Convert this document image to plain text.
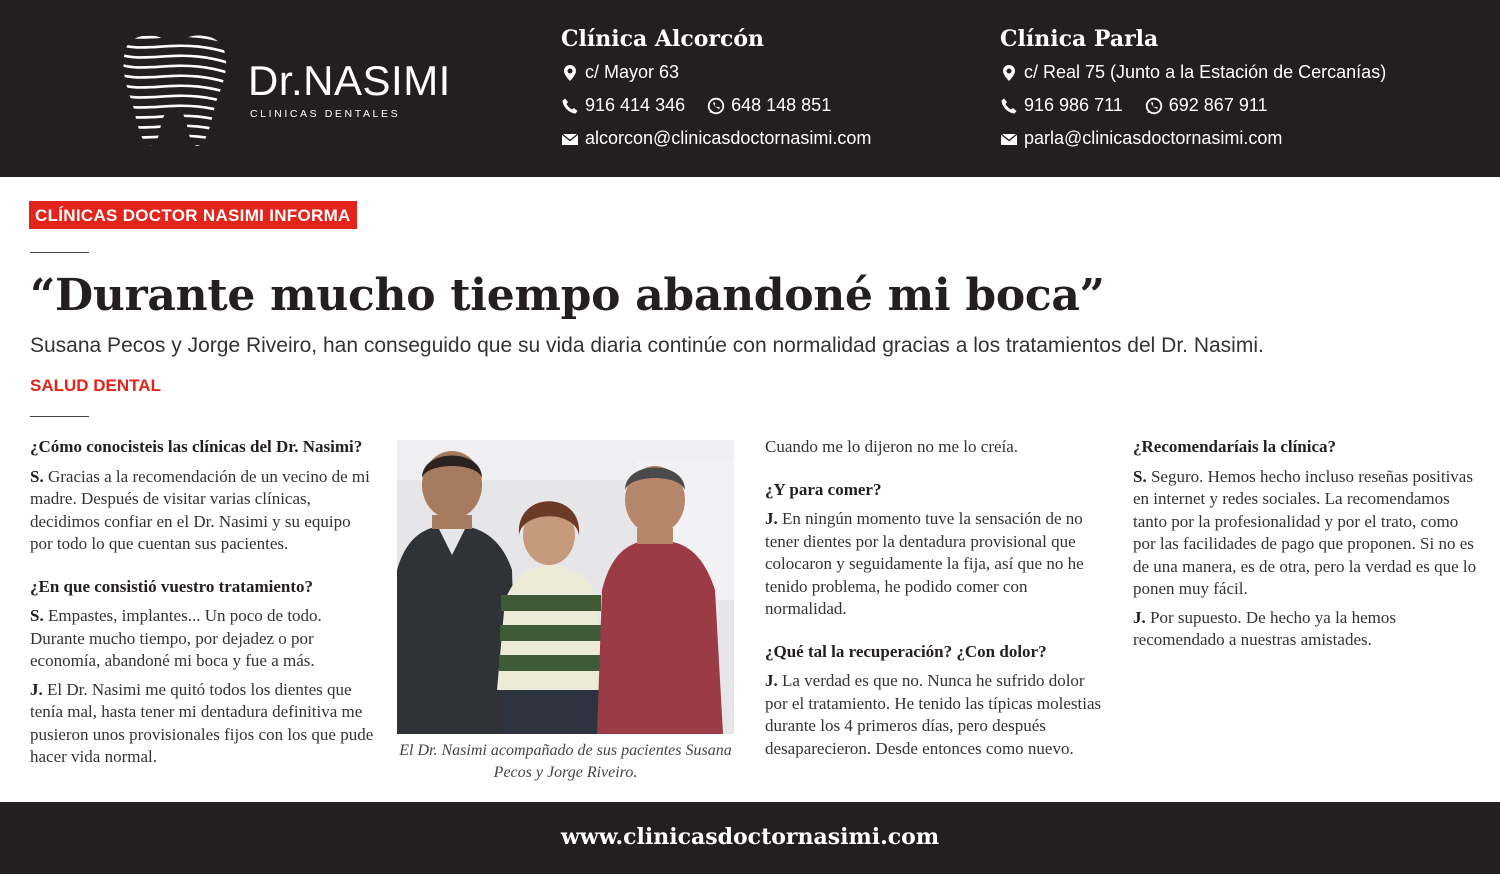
Dr.NASIMI
CLINICAS DENTALES
Clínica Alcorcón
c/ Mayor 63
916 414 346	648 148 851
alcorcon@clinicasdoctornasimi.com
Clínica Parla
c/ Real 75 (Junto a la Estación de Cercanías)
916 986 711	692 867 911
parla@clinicasdoctornasimi.com
CLÍNICAS DOCTOR NASIMI INFORMA
“Durante mucho tiempo abandoné mi boca”

Susana Pecos y Jorge Riveiro, han conseguido que su vida diaria continúe con normalidad gracias a los tratamientos del Dr. Nasimi.

SALUD DENTAL
¿Cómo conocisteis las clínicas del Dr. Nasimi?
S. Gracias a la recomendación de un vecino de mi madre. Después de visitar varias clínicas, decidimos confiar en el Dr. Nasimi y su equipo por todo lo que cuentan sus pacientes.
¿En que consistió vuestro tratamiento?
S. Empastes, implantes... Un poco de todo. Durante mucho tiempo, por dejadez o por economía, abandoné mi boca y fue a más.
J. El Dr. Nasimi me quitó todos los dientes que tenía mal, hasta tener mi dentadura definitiva me pusieron unos provisionales fijos con los que pude hacer vida normal.	El Dr. Nasimi acompañado de sus pacientes Susana Pecos y Jorge Riveiro.
Cuando me lo dijeron no me lo creía.
¿Y para comer?
J. En ningún momento tuve la sensación de no tener dientes por la dentadura provisional que colocaron y seguidamente la fija, así que no he tenido problema, he podido comer con normalidad.
¿Qué tal la recuperación? ¿Con dolor?
J. La verdad es que no. Nunca he sufrido dolor por el tratamiento. He tenido las típicas molestias durante los 4 primeros días, pero después desaparecieron. Desde entonces como nuevo.
¿Recomendaríais la clínica?
S. Seguro. Hemos hecho incluso reseñas positivas en internet y redes sociales. La recomendamos tanto por la profesionalidad y por el trato, como por las facilidades de pago que proponen. Si no es de una manera, es de otra, pero la verdad es que lo ponen muy fácil.
J. Por supuesto. De hecho ya la hemos recomendado a nuestras amistades.
www.clinicasdoctornasimi.com
